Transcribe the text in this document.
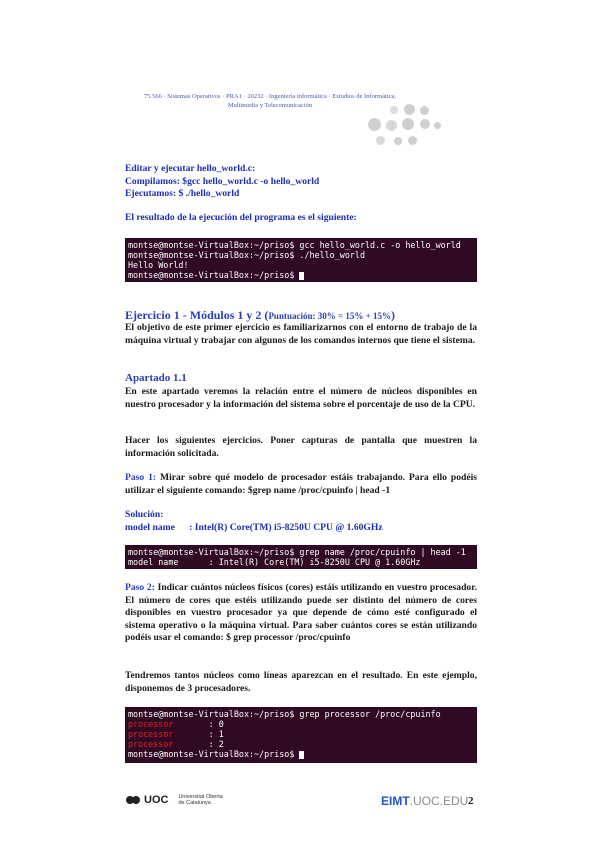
75.566 · Sistemas Operativos · PRA1 · 20232 · Ingeniería informática · Estudios de Informática,
Multimedia y Telecomunicación
Editar y ejecutar hello_world.c:
Compilamos: $gcc hello_world.c -o hello_world
Ejecutamos: $ ./hello_world
El resultado de la ejecución del programa es el siguiente:
montse@montse-VirtualBox:~/priso$ gcc hello_world.c -o hello_world
montse@montse-VirtualBox:~/priso$ ./hello_world
Hello World!
montse@montse-VirtualBox:~/priso$
Ejercicio 1 - Módulos 1 y 2 (Puntuación: 30% = 15% + 15%)
El objetivo de este primer ejercicio es familiarizarnos con el entorno de trabajo de la máquina virtual y trabajar con algunos de los comandos internos que tiene el sistema.
Apartado 1.1
En este apartado veremos la relación entre el número de núcleos disponibles en nuestro procesador y la información del sistema sobre el porcentaje de uso de la CPU.
Hacer los siguientes ejercicios. Poner capturas de pantalla que muestren la información solicitada.
Paso 1: Mirar sobre qué modelo de procesador estáis trabajando. Para ello podéis utilizar el siguiente comando: $grep name /proc/cpuinfo | head -1
Solución:
model name      : Intel(R) Core(TM) i5-8250U CPU @ 1.60GHz
montse@montse-VirtualBox:~/priso$ grep name /proc/cpuinfo | head -1
model name      : Intel(R) Core(TM) i5-8250U CPU @ 1.60GHz
Paso 2: Indicar cuántos núcleos físicos (cores) estáis utilizando en vuestro procesador. El número de cores que estéis utilizando puede ser distinto del número de cores disponibles en vuestro procesador ya que depende de cómo esté configurado el sistema operativo o la máquina virtual. Para saber cuántos cores se están utilizando podéis usar el comando: $ grep processor /proc/cpuinfo
Tendremos tantos núcleos como líneas aparezcan en el resultado. En este ejemplo, disponemos de 3 procesadores.
montse@montse-VirtualBox:~/priso$ grep processor /proc/cpuinfo
processor       : 0
processor       : 1
processor       : 2
montse@montse-VirtualBox:~/priso$
UOC Universitat Oberta
de Catalunya	EIMT.UOC.EDU 2
